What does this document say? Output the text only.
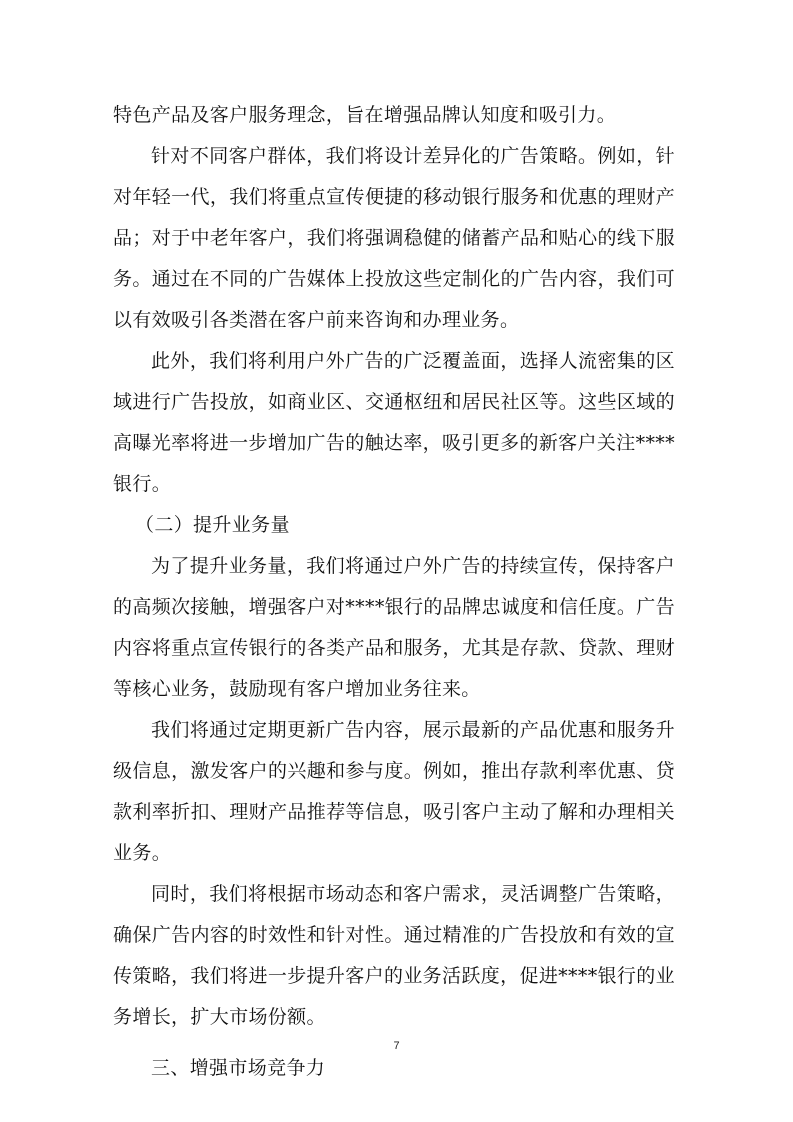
特色产品及客户服务理念，旨在增强品牌认知度和吸引力。

针对不同客户群体，我们将设计差异化的广告策略。例如，针对年轻一代，我们将重点宣传便捷的移动银行服务和优惠的理财产品；对于中老年客户，我们将强调稳健的储蓄产品和贴心的线下服务。通过在不同的广告媒体上投放这些定制化的广告内容，我们可以有效吸引各类潜在客户前来咨询和办理业务。

此外，我们将利用户外广告的广泛覆盖面，选择人流密集的区域进行广告投放，如商业区、交通枢纽和居民社区等。这些区域的高曝光率将进一步增加广告的触达率，吸引更多的新客户关注****银行。

（二）提升业务量

为了提升业务量，我们将通过户外广告的持续宣传，保持客户的高频次接触，增强客户对****银行的品牌忠诚度和信任度。广告内容将重点宣传银行的各类产品和服务，尤其是存款、贷款、理财等核心业务，鼓励现有客户增加业务往来。

我们将通过定期更新广告内容，展示最新的产品优惠和服务升级信息，激发客户的兴趣和参与度。例如，推出存款利率优惠、贷款利率折扣、理财产品推荐等信息，吸引客户主动了解和办理相关业务。

同时，我们将根据市场动态和客户需求，灵活调整广告策略，确保广告内容的时效性和针对性。通过精准的广告投放和有效的宣传策略，我们将进一步提升客户的业务活跃度，促进****银行的业务增长，扩大市场份额。

三、增强市场竞争力

7
